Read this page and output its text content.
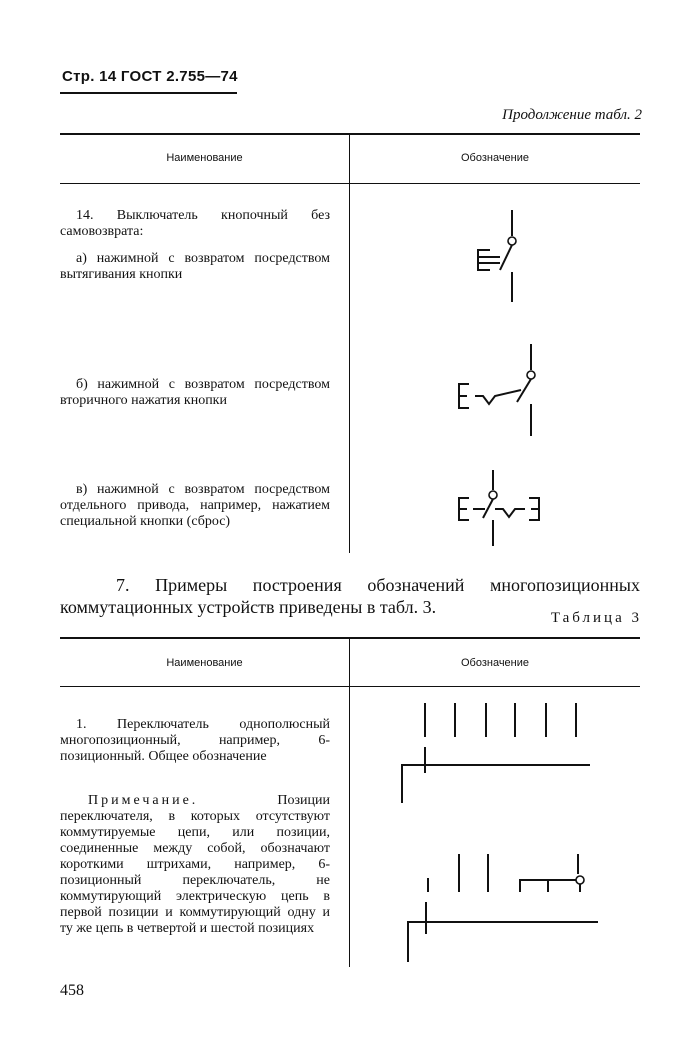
Стр. 14 ГОСТ 2.755—74
Продолжение табл. 2
Наименование	Обозначение
14. Выключатель кнопочный без самовозврата:
а) нажимной с возвратом посредством вытягивания кнопки
б) нажимной с возвратом посредством вторичного нажатия кнопки
в) нажимной с возвратом посредством отдельного привода, например, нажатием специальной кнопки (сброс)
7. Примеры построения обозначений многопозиционных коммутационных устройств приведены в табл. 3.
Таблица 3
Наименование	Обозначение
1. Переключатель однополюсный многопозиционный, например, 6-позиционный. Общее обозначение
Примечание. Позиции переключателя, в которых отсутствуют коммутируемые цепи, или позиции, соединенные между собой, обозначают короткими штрихами, например, 6-позиционный переключатель, не коммутирующий электрическую цепь в первой позиции и коммутирующий одну и ту же цепь в четвертой и шестой позициях
458
